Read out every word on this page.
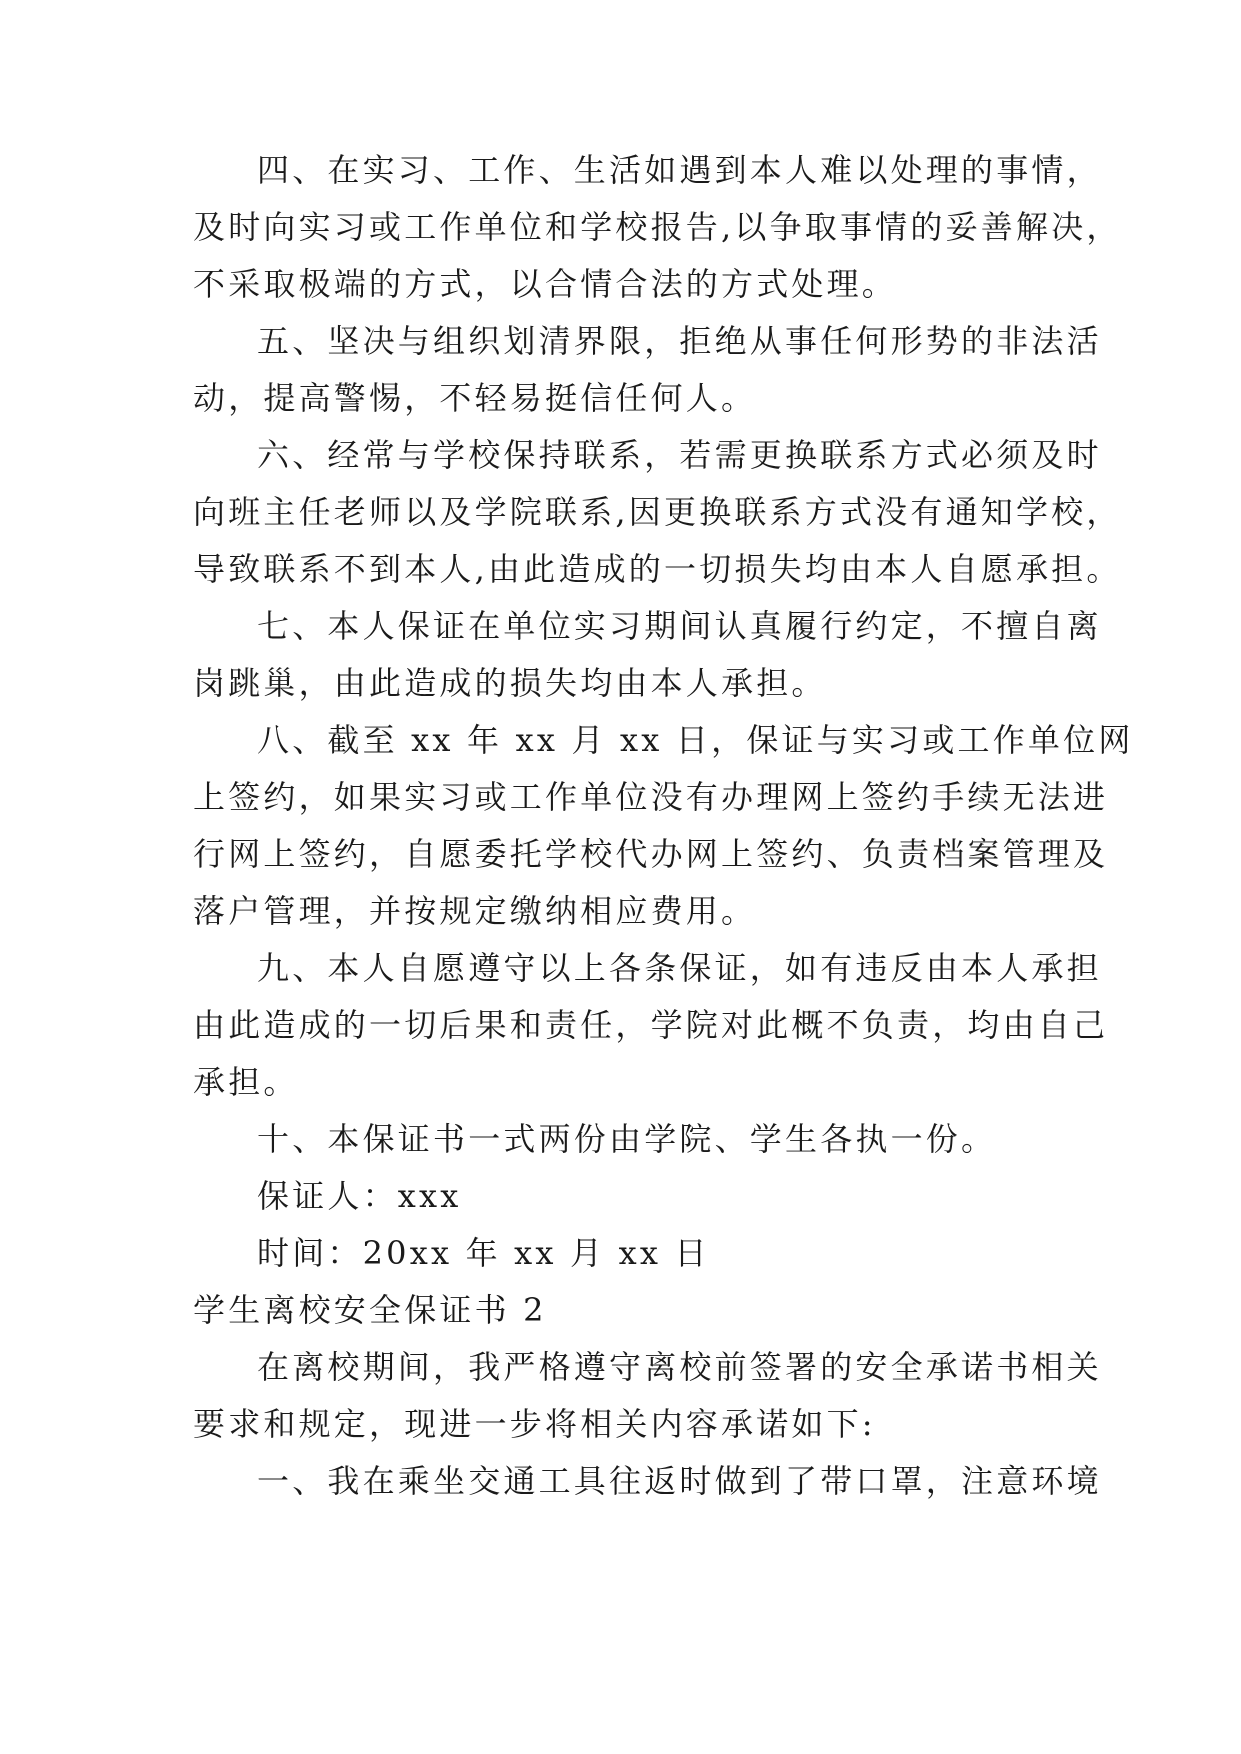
四、在实习、工作、生活如遇到本人难以处理的事情，

及时向实习或工作单位和学校报告,以争取事情的妥善解决，

不采取极端的方式，以合情合法的方式处理。

五、坚决与组织划清界限，拒绝从事任何形势的非法活

动，提高警惕，不轻易挺信任何人。

六、经常与学校保持联系，若需更换联系方式必须及时

向班主任老师以及学院联系,因更换联系方式没有通知学校，

导致联系不到本人,由此造成的一切损失均由本人自愿承担。

七、本人保证在单位实习期间认真履行约定，不擅自离

岗跳巢，由此造成的损失均由本人承担。

八、截至 xx 年 xx 月 xx 日，保证与实习或工作单位网

上签约，如果实习或工作单位没有办理网上签约手续无法进

行网上签约，自愿委托学校代办网上签约、负责档案管理及

落户管理，并按规定缴纳相应费用。

九、本人自愿遵守以上各条保证，如有违反由本人承担

由此造成的一切后果和责任，学院对此概不负责，均由自己

承担。

十、本保证书一式两份由学院、学生各执一份。

保证人：xxx

时间：20xx 年 xx 月 xx 日

学生离校安全保证书 2

在离校期间，我严格遵守离校前签署的安全承诺书相关

要求和规定，现进一步将相关内容承诺如下:

一、我在乘坐交通工具往返时做到了带口罩，注意环境
